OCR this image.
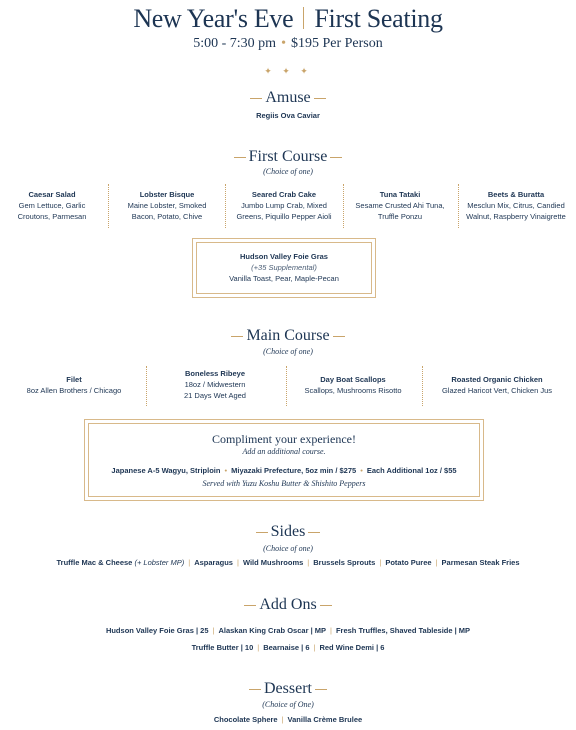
New Year's Eve First Seating
5:00 - 7:30 pm • $195 Per Person
✦ ✦ ✦
Amuse
Regiis Ova Caviar
First Course
(Choice of one)
Caesar Salad
Gem Lettuce, Garlic
Croutons, Parmesan
Lobster Bisque
Maine Lobster, Smoked
Bacon, Potato, Chive
Seared Crab Cake
Jumbo Lump Crab, Mixed
Greens, Piquillo Pepper Aioli
Tuna Tataki
Sesame Crusted Ahi Tuna,
Truffle Ponzu
Beets & Buratta
Mesclun Mix, Citrus, Candied
Walnut, Raspberry Vinaigrette
Hudson Valley Foie Gras
(+35 Supplemental)
Vanilla Toast, Pear, Maple-Pecan
Main Course
(Choice of one)
Filet
8oz Allen Brothers / Chicago
Boneless Ribeye
18oz / Midwestern
21 Days Wet Aged
Day Boat Scallops
Scallops, Mushrooms Risotto
Roasted Organic Chicken
Glazed Haricot Vert, Chicken Jus
Compliment your experience!
Add an additional course.
Japanese A-5 Wagyu, Striploin • Miyazaki Prefecture, 5oz min / $275 • Each Additional 1oz / $55
Served with Yuzu Koshu Butter & Shishito Peppers
Sides
(Choice of one)
Truffle Mac & Cheese (+ Lobster MP) | Asparagus | Wild Mushrooms | Brussels Sprouts | Potato Puree | Parmesan Steak Fries
Add Ons
Hudson Valley Foie Gras | 25 | Alaskan King Crab Oscar | MP | Fresh Truffles, Shaved Tableside | MP
Truffle Butter | 10 | Bearnaise | 6 | Red Wine Demi | 6
Dessert
(Choice of One)
Chocolate Sphere | Vanilla Crème Brulee
